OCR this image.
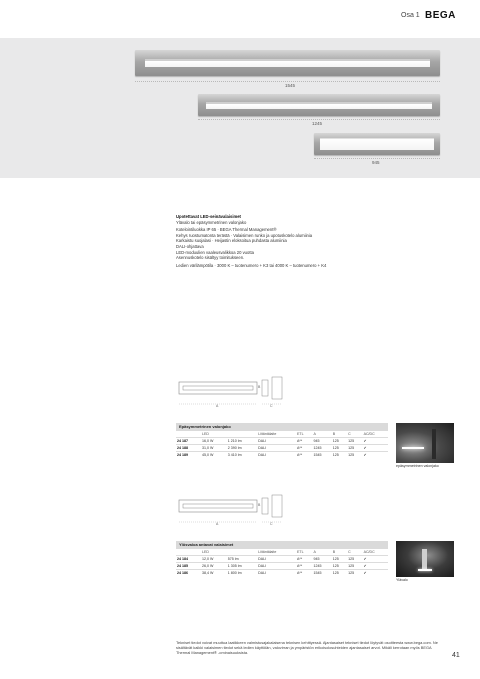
Osa 1 BEGA
1545
1245
945
Upotettavat LED-seinävalaisimet
Ylävalo tai epäsymmetrinen valonjako
Kotelointiluokka IP 65 · BEGA Thermal Management®
Kehys ruostumatonta terästä · Valaisimen runko ja upotuskotelo alumiinia
Karkaistu suojalasi · Heijastin eloksoitua puhdasta alumiinia
DALI-ohjattava
LED-moduulien vaaleusvalikkoa 20 vuotta
Asennuskotelo sisältyy toimitukseen.
Ledien värilämpötila · 3000 K – tuotenumero + K3 tai 4000 K – tuotenumero + K4
A
B
C
Epäsymmetrinen valonjako
	LED		Liitäntälaite	ETL	A	B	C	AC/DC
24 187	16,0 W	1 210 lm	DALI	A**	945	125	125	✔
24 188	31,0 W	2 390 lm	DALI	A**	1245	125	125	✔
24 189	45,0 W	3 410 lm	DALI	A**	1545	125	125	✔
epäsymmetrinen valonjako
A
B
C
Ylösvaloa antavat valaisimet
	LED		Liitäntälaite	ETL	A	B	C	AC/DC
24 184	12,0 W	575 lm	DALI	A**	945	125	125	✔
24 185	26,0 W	1 305 lm	DALI	A**	1245	125	125	✔
24 186	38,4 W	1 800 lm	DALI	A**	1545	125	125	✔
Ylävalo
Tekniset tiedot voivat muuttua laatikkeen valmistusajakalaisena teknisen kehittyessä. Ajantasaiset tekniset tiedot löytyvät osoitteesta www.bega.com. Ne sisältävät kaikki valaisimen tiedot sekä ledien käyttöiän, valovirran ja ympäristön erikoisolosuhteiden ajantasaiset arvot. Mikäli kerrotaan myös BEGA Thermal Management® -ominaisuuksista.	41
